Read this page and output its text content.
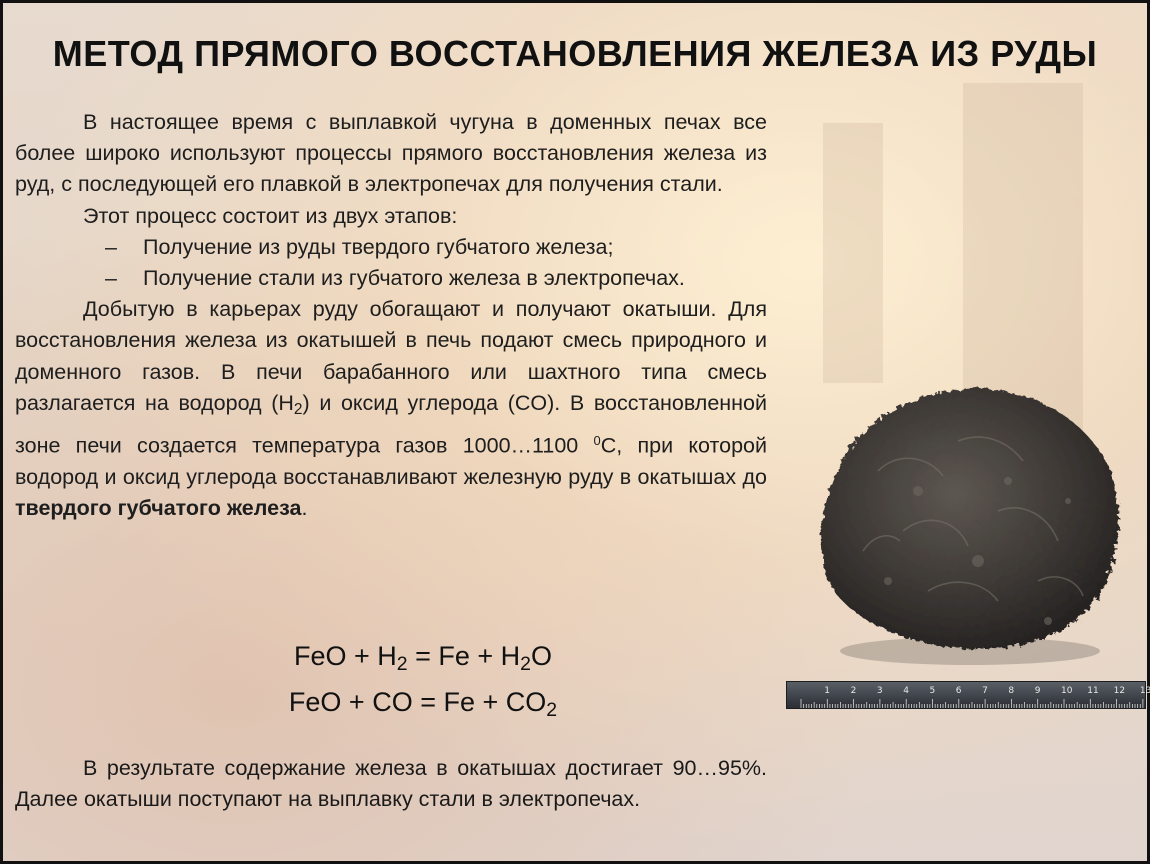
МЕТОД ПРЯМОГО ВОССТАНОВЛЕНИЯ ЖЕЛЕЗА ИЗ РУДЫ

В настоящее время с выплавкой чугуна в доменных печах все более широко используют процессы прямого восстановления железа из руд, с последующей его плавкой в электропечах для получения стали.

Этот процесс состоит из двух этапов:

– Получение из руды твердого губчатого железа;
– Получение стали из губчатого железа в электропечах.

Добытую в карьерах руду обогащают и получают окатыши. Для восстановления железа из окатышей в печь подают смесь природного и доменного газов. В печи барабанного или шахтного типа смесь разлагается на водород $(H_2)$ и оксид углерода (CO). В восстановленной зоне печи создается температура газов 1000…1100 $^0$C, при которой водород и оксид углерода восстанавливают железную руду в окатышах до твердого губчатого железа.

FeO + $H_2 = Fe + H_2O$
FeO + CO = $Fe + CO_2$

В результате содержание железа в окатышах достигает 90…95%. Далее окатыши поступают на выплавку стали в электропечах.

1 2 3 4 5 6 7 8 9 10 11 12 13
